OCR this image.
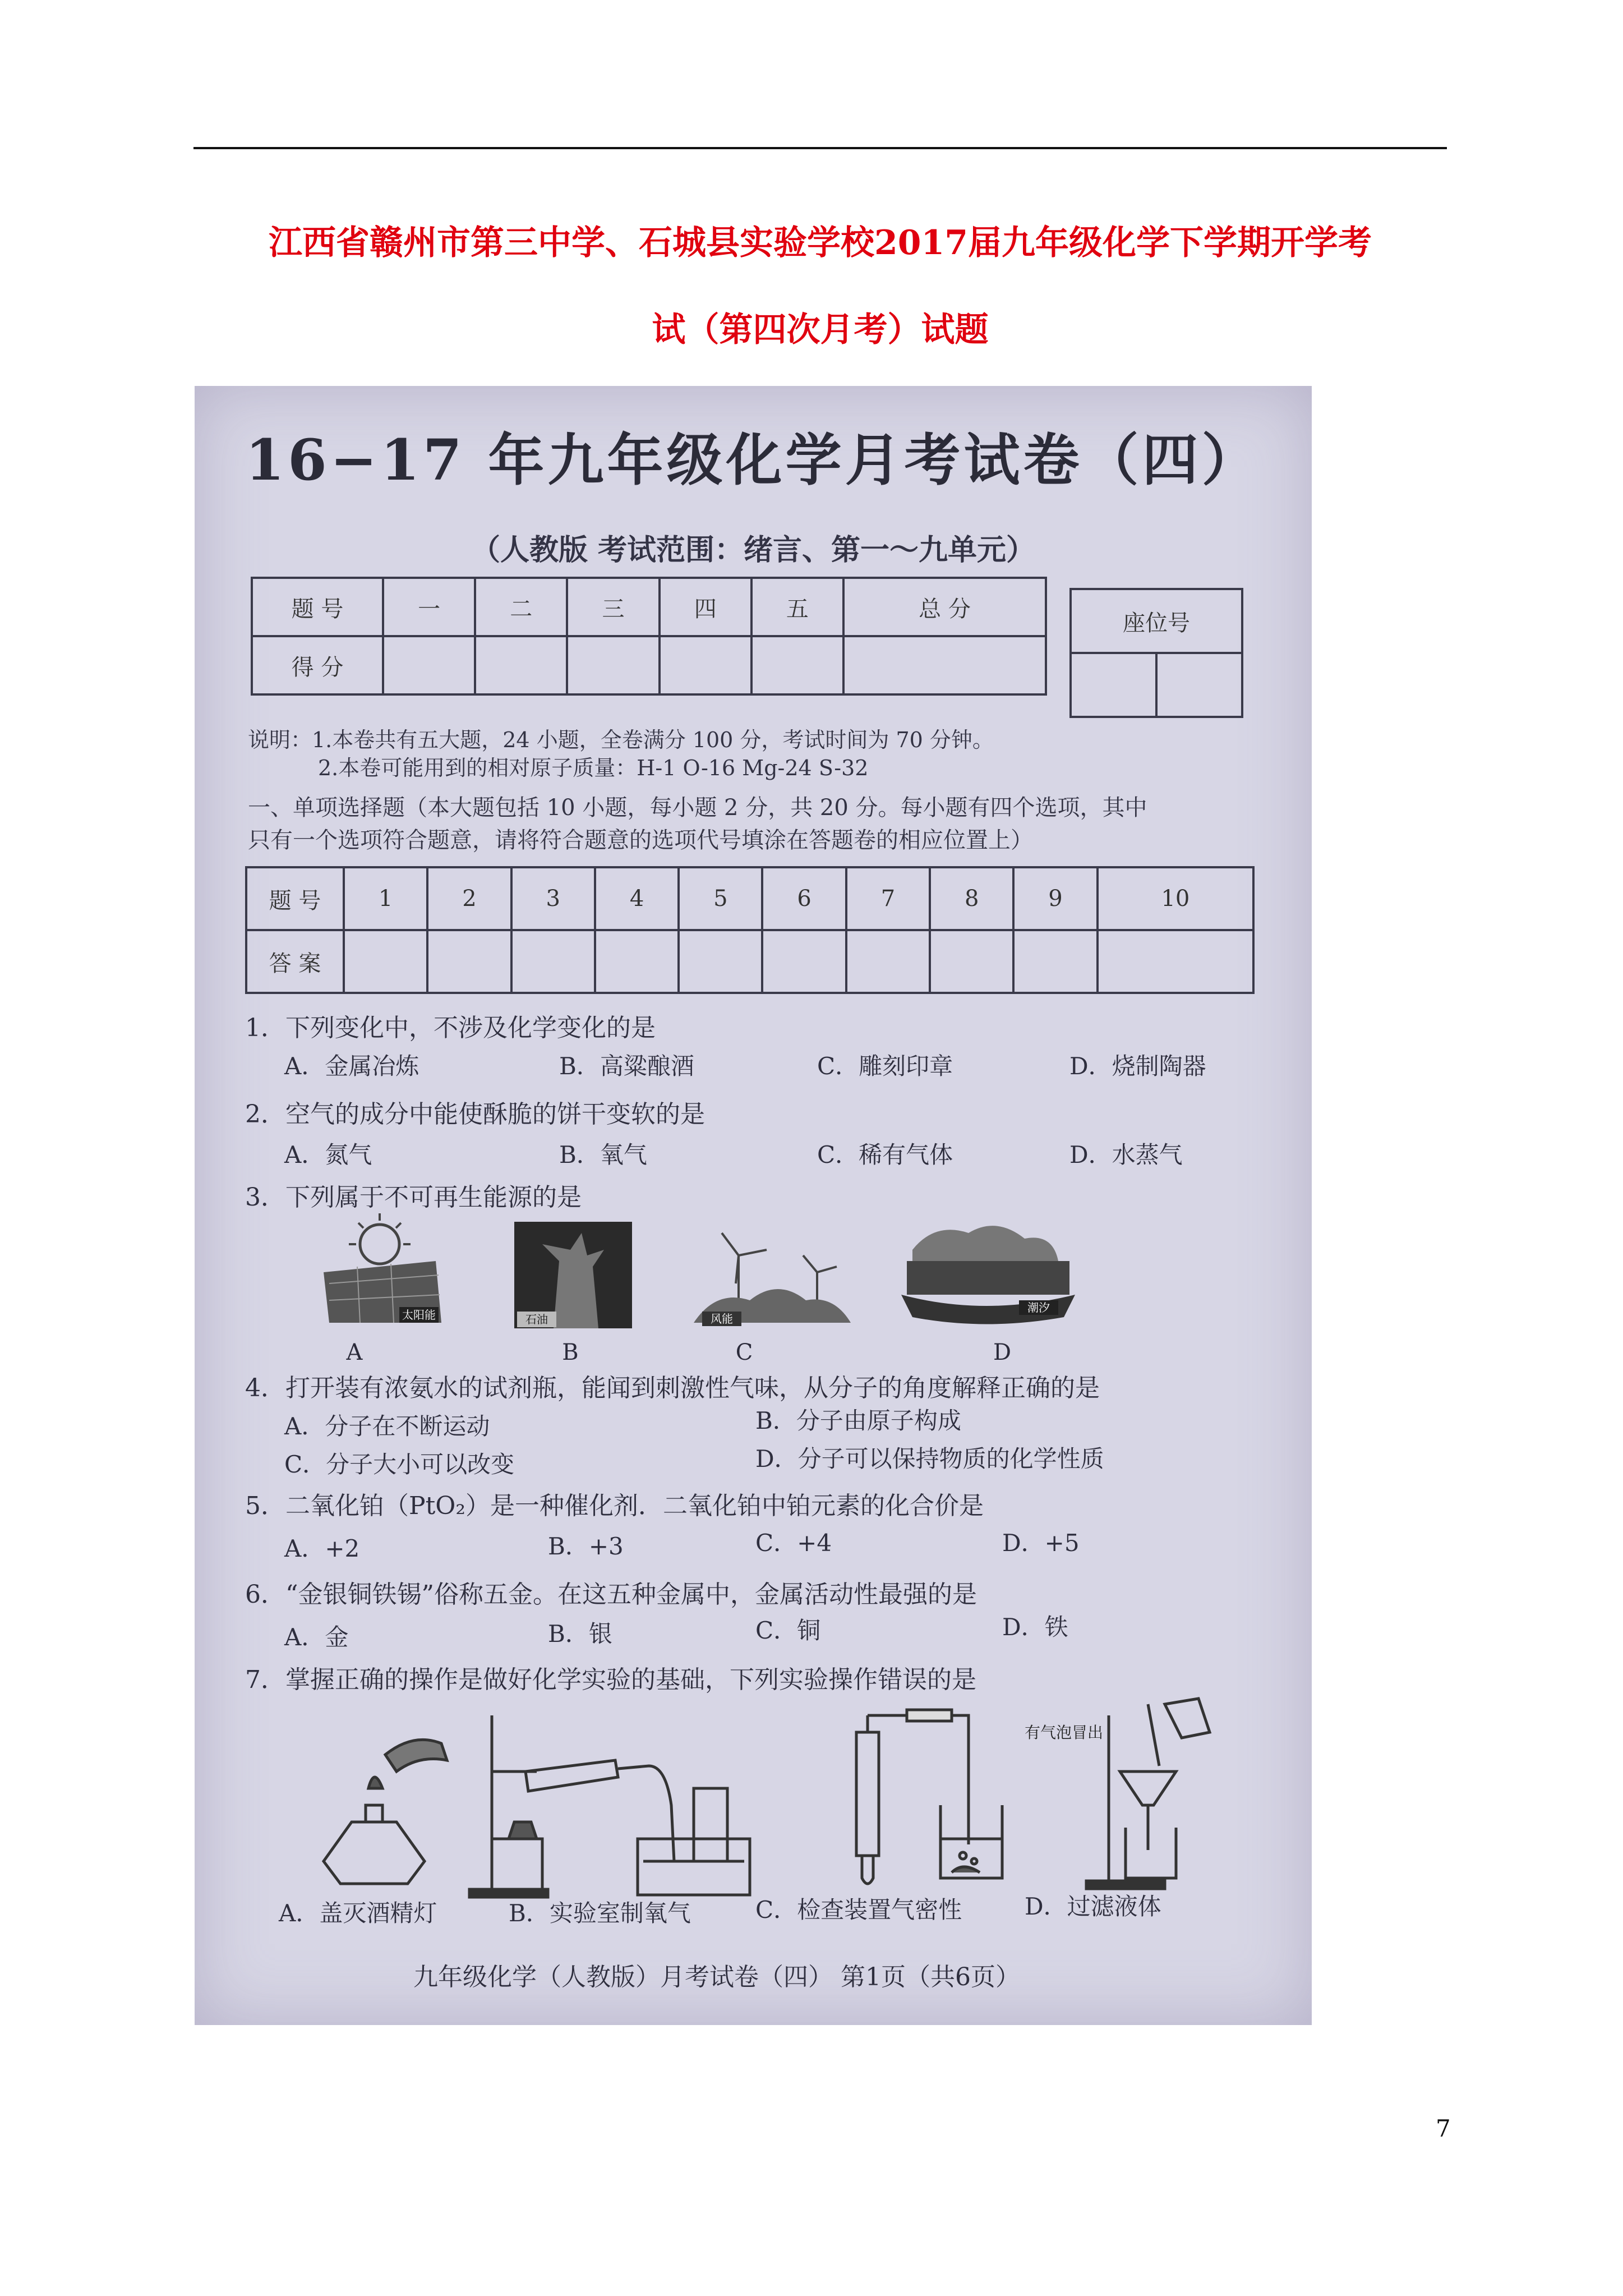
江西省赣州市第三中学、石城县实验学校2017届九年级化学下学期开学考
试（第四次月考）试题
16−17 年九年级化学月考试卷（四）
（人教版 考试范围：绪言、第一～九单元）
题 号	一	二	三	四	五	总 分
得 分						
座位号

说明：1.本卷共有五大题，24 小题，全卷满分 100 分，考试时间为 70 分钟。
2.本卷可能用到的相对原子质量：H-1 O-16 Mg-24 S-32
一、单项选择题（本大题包括 10 小题，每小题 2 分，共 20 分。每小题有四个选项，其中
只有一个选项符合题意，请将符合题意的选项代号填涂在答题卷的相应位置上）
题 号	1	2	3	4	5	6	7	8	9	10
答 案										
1．下列变化中，不涉及化学变化的是
A．金属冶炼	B．高粱酿酒	C．雕刻印章	D．烧制陶器
2．空气的成分中能使酥脆的饼干变软的是
A．氮气	B．氧气	C．稀有气体	D．水蒸气
3．下列属于不可再生能源的是
太阳能	石油	风能
潮汐
A	B	C	D
4．打开装有浓氨水的试剂瓶，能闻到刺激性气味，从分子的角度解释正确的是
A．分子在不断运动	B．分子由原子构成
C．分子大小可以改变	D．分子可以保持物质的化学性质
5．二氧化铂（PtO₂）是一种催化剂．二氧化铂中铂元素的化合价是
A．+2	B．+3	C．+4	D．+5
6．“金银铜铁锡”俗称五金。在这五种金属中，金属活动性最强的是
A．金	B．银	C．铜	D．铁
7．掌握正确的操作是做好化学实验的基础，下列实验操作错误的是
有气泡冒出
A．盖灭酒精灯	B．实验室制氧气	C．检查装置气密性	D．过滤液体
九年级化学（人教版）月考试卷（四） 第1页（共6页）
7
